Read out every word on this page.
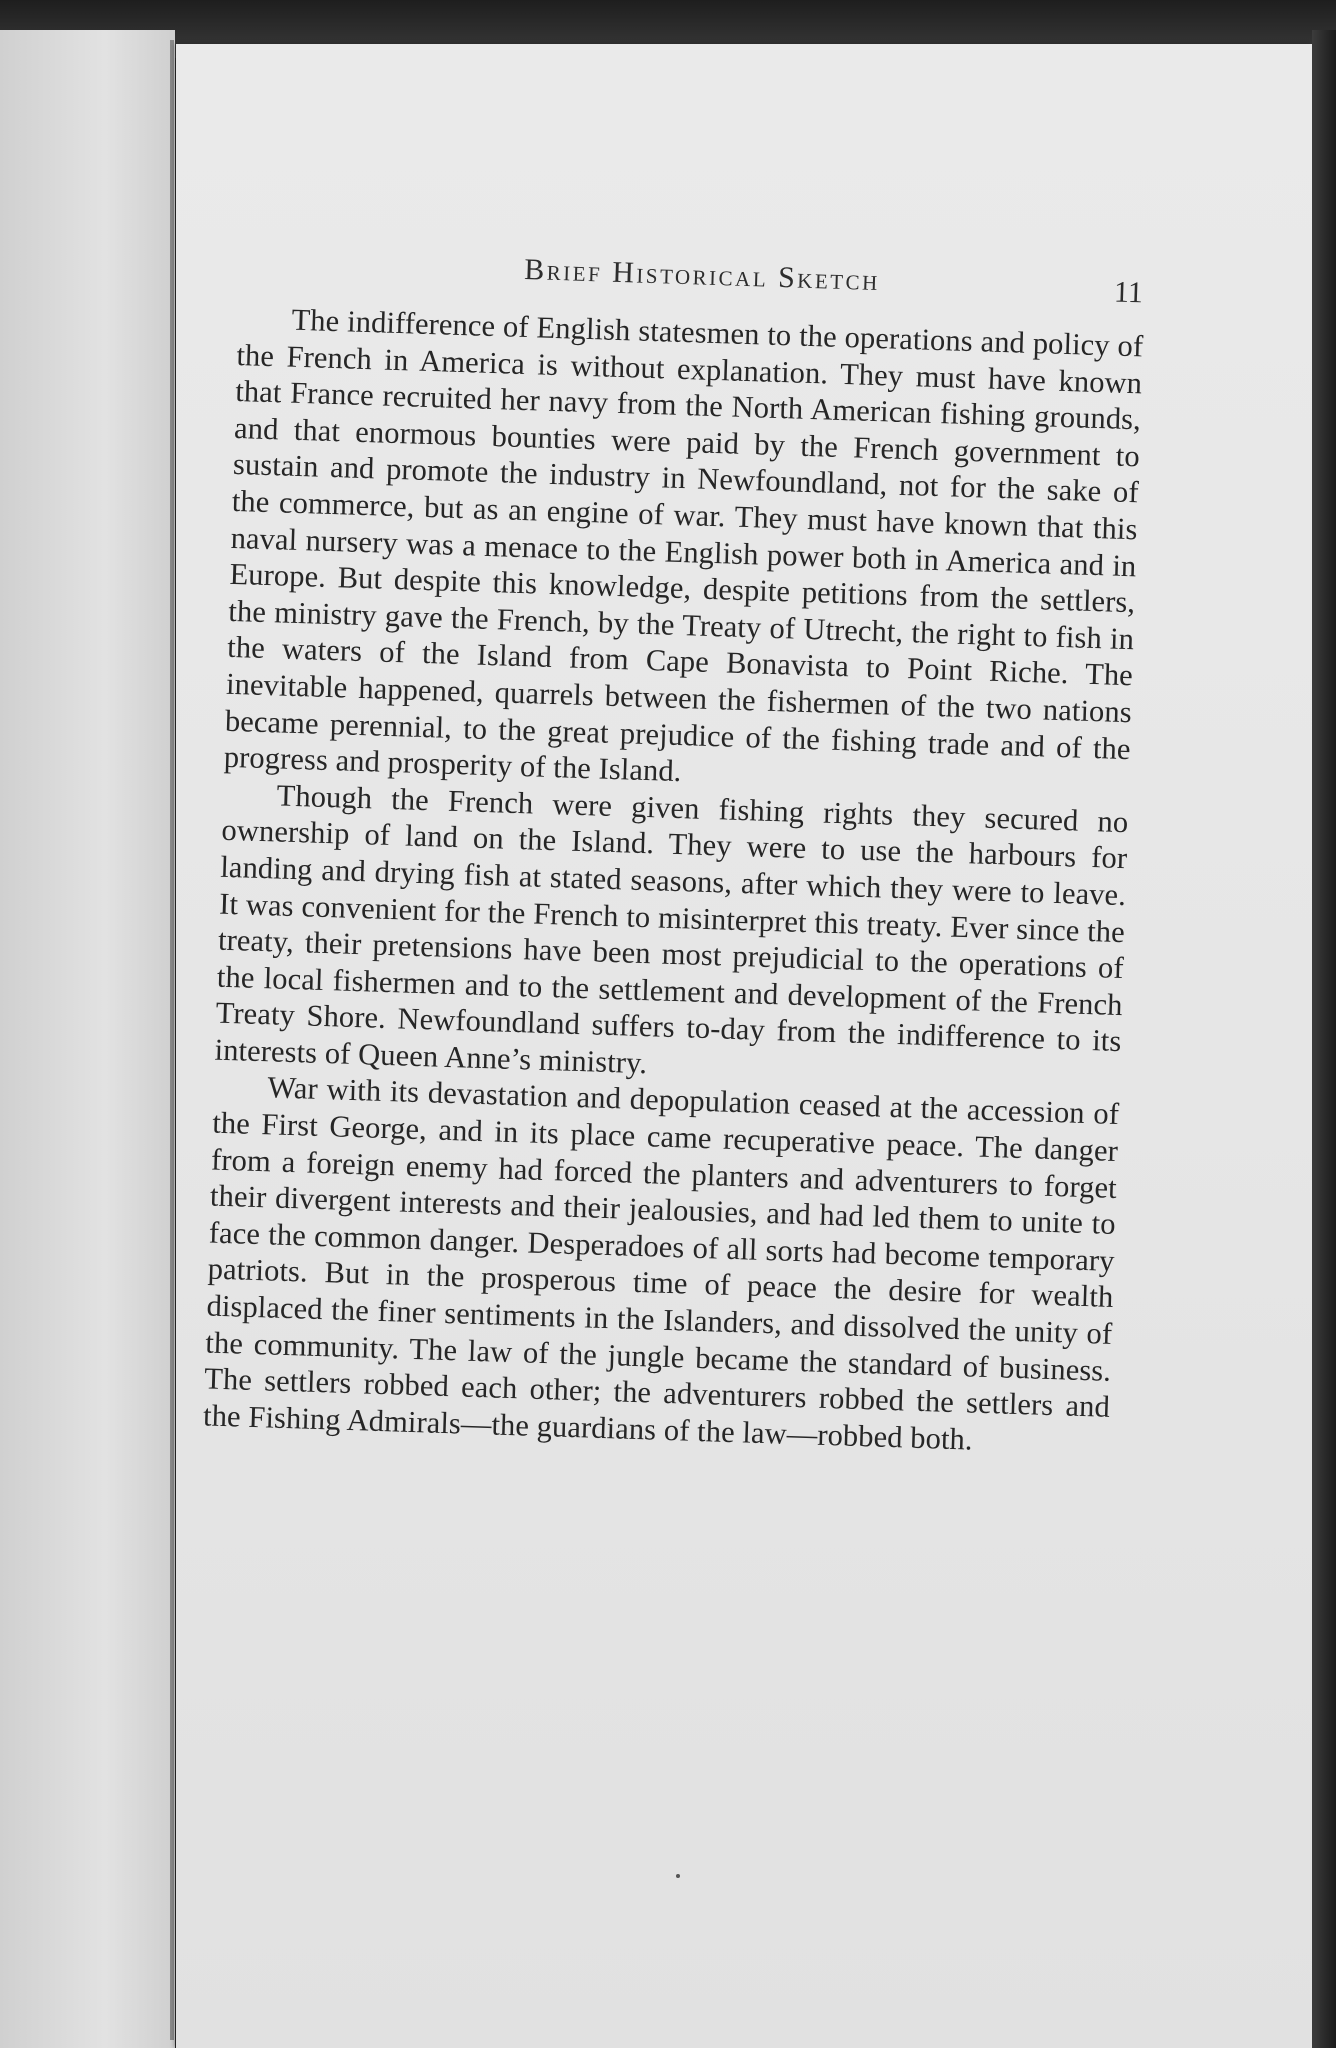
Brief Historical Sketch	11

The indifference of English statesmen to the operations and policy of the French in America is without explanation. They must have known that France recruited her navy from the North American fishing grounds, and that enormous bounties were paid by the French government to sustain and promote the industry in Newfoundland, not for the sake of the commerce, but as an engine of war. They must have known that this naval nursery was a menace to the English power both in America and in Europe. But despite this knowledge, despite petitions from the settlers, the ministry gave the French, by the Treaty of Utrecht, the right to fish in the waters of the Island from Cape Bonavista to Point Riche. The inevitable happened, quarrels between the fishermen of the two nations became perennial, to the great prejudice of the fishing trade and of the progress and prosperity of the Island.

Though the French were given fishing rights they secured no ownership of land on the Island. They were to use the harbours for landing and drying fish at stated seasons, after which they were to leave. It was convenient for the French to misinterpret this treaty. Ever since the treaty, their pretensions have been most prejudicial to the operations of the local fishermen and to the settlement and development of the French Treaty Shore. Newfoundland suffers to-day from the indifference to its interests of Queen Anne’s ministry.

War with its devastation and depopulation ceased at the accession of the First George, and in its place came recuperative peace. The danger from a foreign enemy had forced the planters and adventurers to forget their divergent interests and their jealousies, and had led them to unite to face the common danger. Desperadoes of all sorts had become temporary patriots. But in the prosperous time of peace the desire for wealth displaced the finer sentiments in the Islanders, and dissolved the unity of the community. The law of the jungle became the standard of business. The settlers robbed each other; the adventurers robbed the settlers and the Fishing Admirals—the guardians of the law—robbed both.
